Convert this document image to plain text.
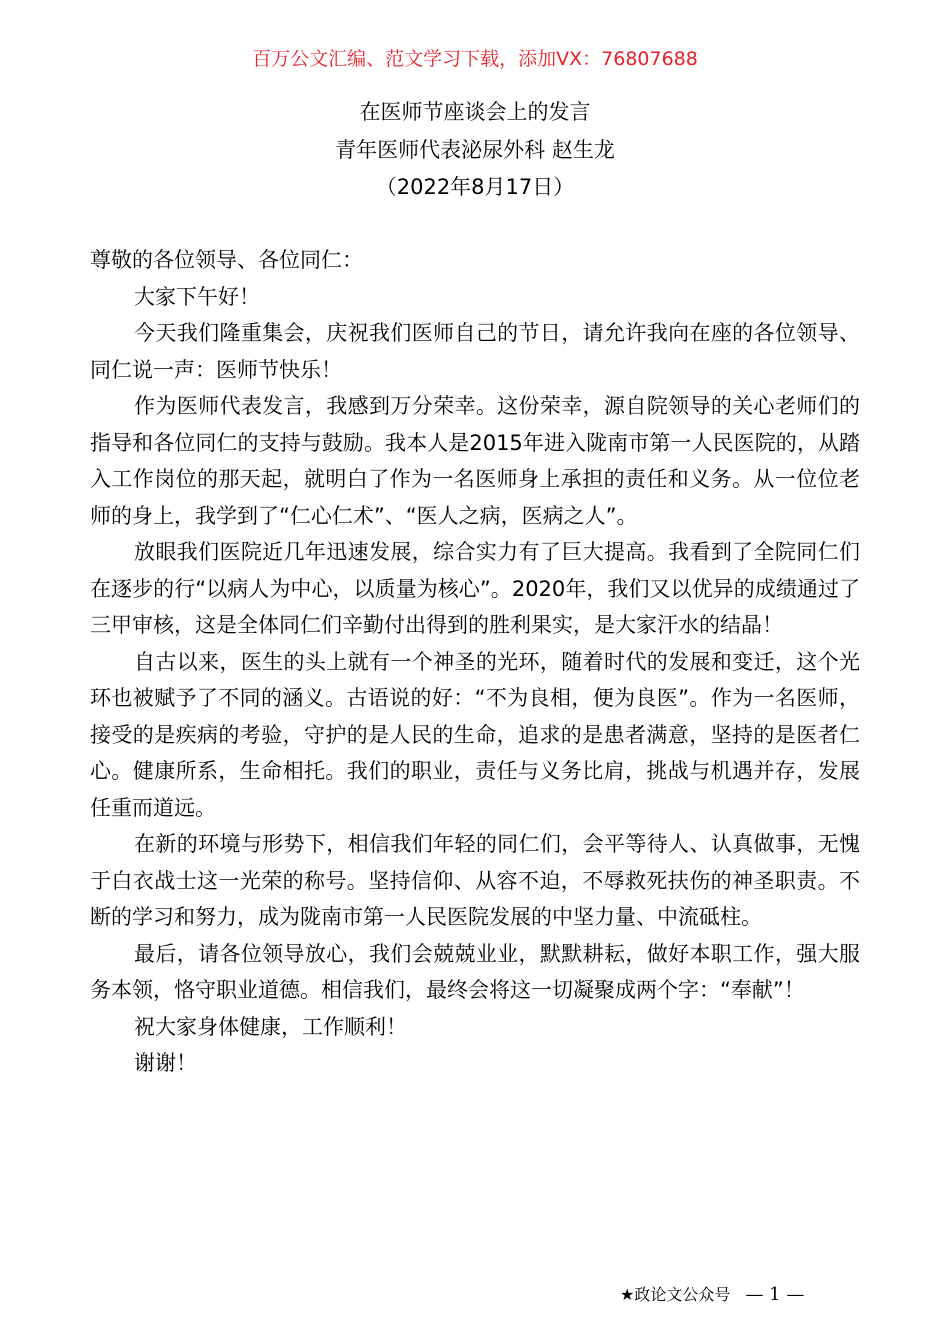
百万公文汇编、范文学习下载，添加VX：76807688
在医师节座谈会上的发言
青年医师代表泌尿外科 赵生龙
（2022年8月17日）

尊敬的各位领导、各位同仁：

大家下午好！

今天我们隆重集会，庆祝我们医师自己的节日，请允许我向在座的各位领导、同仁说一声：医师节快乐！

作为医师代表发言，我感到万分荣幸。这份荣幸，源自院领导的关心老师们的指导和各位同仁的支持与鼓励。我本人是2015年进入陇南市第一人民医院的，从踏入工作岗位的那天起，就明白了作为一名医师身上承担的责任和义务。从一位位老师的身上，我学到了“仁心仁术”、“医人之病，医病之人”。

放眼我们医院近几年迅速发展，综合实力有了巨大提高。我看到了全院同仁们在逐步的行“以病人为中心，以质量为核心”。2020年，我们又以优异的成绩通过了三甲审核，这是全体同仁们辛勤付出得到的胜利果实，是大家汗水的结晶！

自古以来，医生的头上就有一个神圣的光环，随着时代的发展和变迁，这个光环也被赋予了不同的涵义。古语说的好：“不为良相，便为良医”。作为一名医师，接受的是疾病的考验，守护的是人民的生命，追求的是患者满意，坚持的是医者仁心。健康所系，生命相托。我们的职业，责任与义务比肩，挑战与机遇并存，发展任重而道远。

在新的环境与形势下，相信我们年轻的同仁们，会平等待人、认真做事，无愧于白衣战士这一光荣的称号。坚持信仰、从容不迫，不辱救死扶伤的神圣职责。不断的学习和努力，成为陇南市第一人民医院发展的中坚力量、中流砥柱。

最后，请各位领导放心，我们会兢兢业业，默默耕耘，做好本职工作，强大服务本领，恪守职业道德。相信我们，最终会将这一切凝聚成两个字：“奉献”！

祝大家身体健康，工作顺利！

谢谢！

★政论文公众号 — 1 —
